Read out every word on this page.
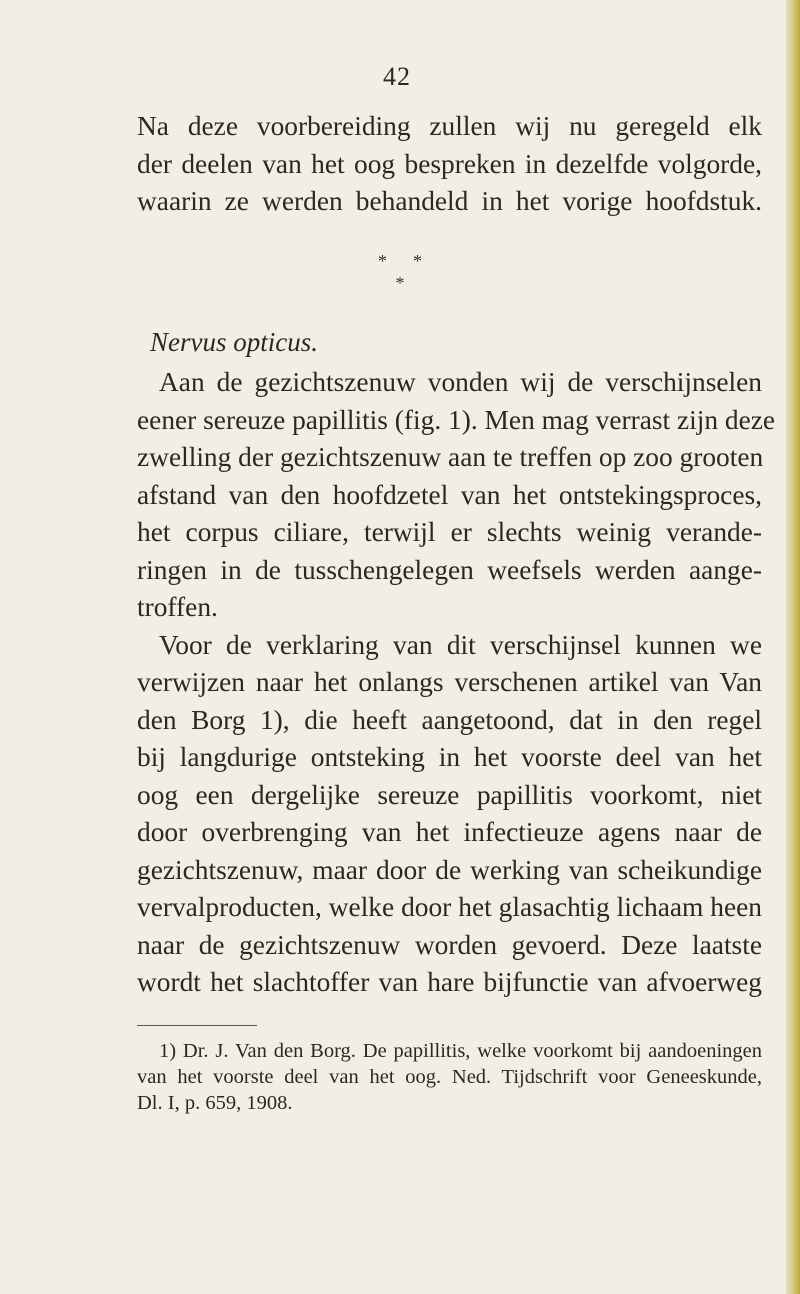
42
Na deze voorbereiding zullen wij nu geregeld elk
der deelen van het oog bespreken in dezelfde volgorde,
waarin ze werden behandeld in het vorige hoofdstuk.
* *
*
Nervus opticus.
Aan de gezichtszenuw vonden wij de verschijnselen
eener sereuze papillitis (fig. 1). Men mag verrast zijn deze
zwelling der gezichtszenuw aan te treffen op zoo grooten
afstand van den hoofdzetel van het ontstekingsproces,
het corpus ciliare, terwijl er slechts weinig verande-
ringen in de tusschengelegen weefsels werden aange-
troffen.
Voor de verklaring van dit verschijnsel kunnen we
verwijzen naar het onlangs verschenen artikel van Van
den Borg 1), die heeft aangetoond, dat in den regel
bij langdurige ontsteking in het voorste deel van het
oog een dergelijke sereuze papillitis voorkomt, niet
door overbrenging van het infectieuze agens naar de
gezichtszenuw, maar door de werking van scheikundige
vervalproducten, welke door het glasachtig lichaam heen
naar de gezichtszenuw worden gevoerd. Deze laatste
wordt het slachtoffer van hare bijfunctie van afvoerweg
1) Dr. J. Van den Borg. De papillitis, welke voorkomt bij aandoeningen
van het voorste deel van het oog. Ned. Tijdschrift voor Geneeskunde,
Dl. I, p. 659, 1908.
